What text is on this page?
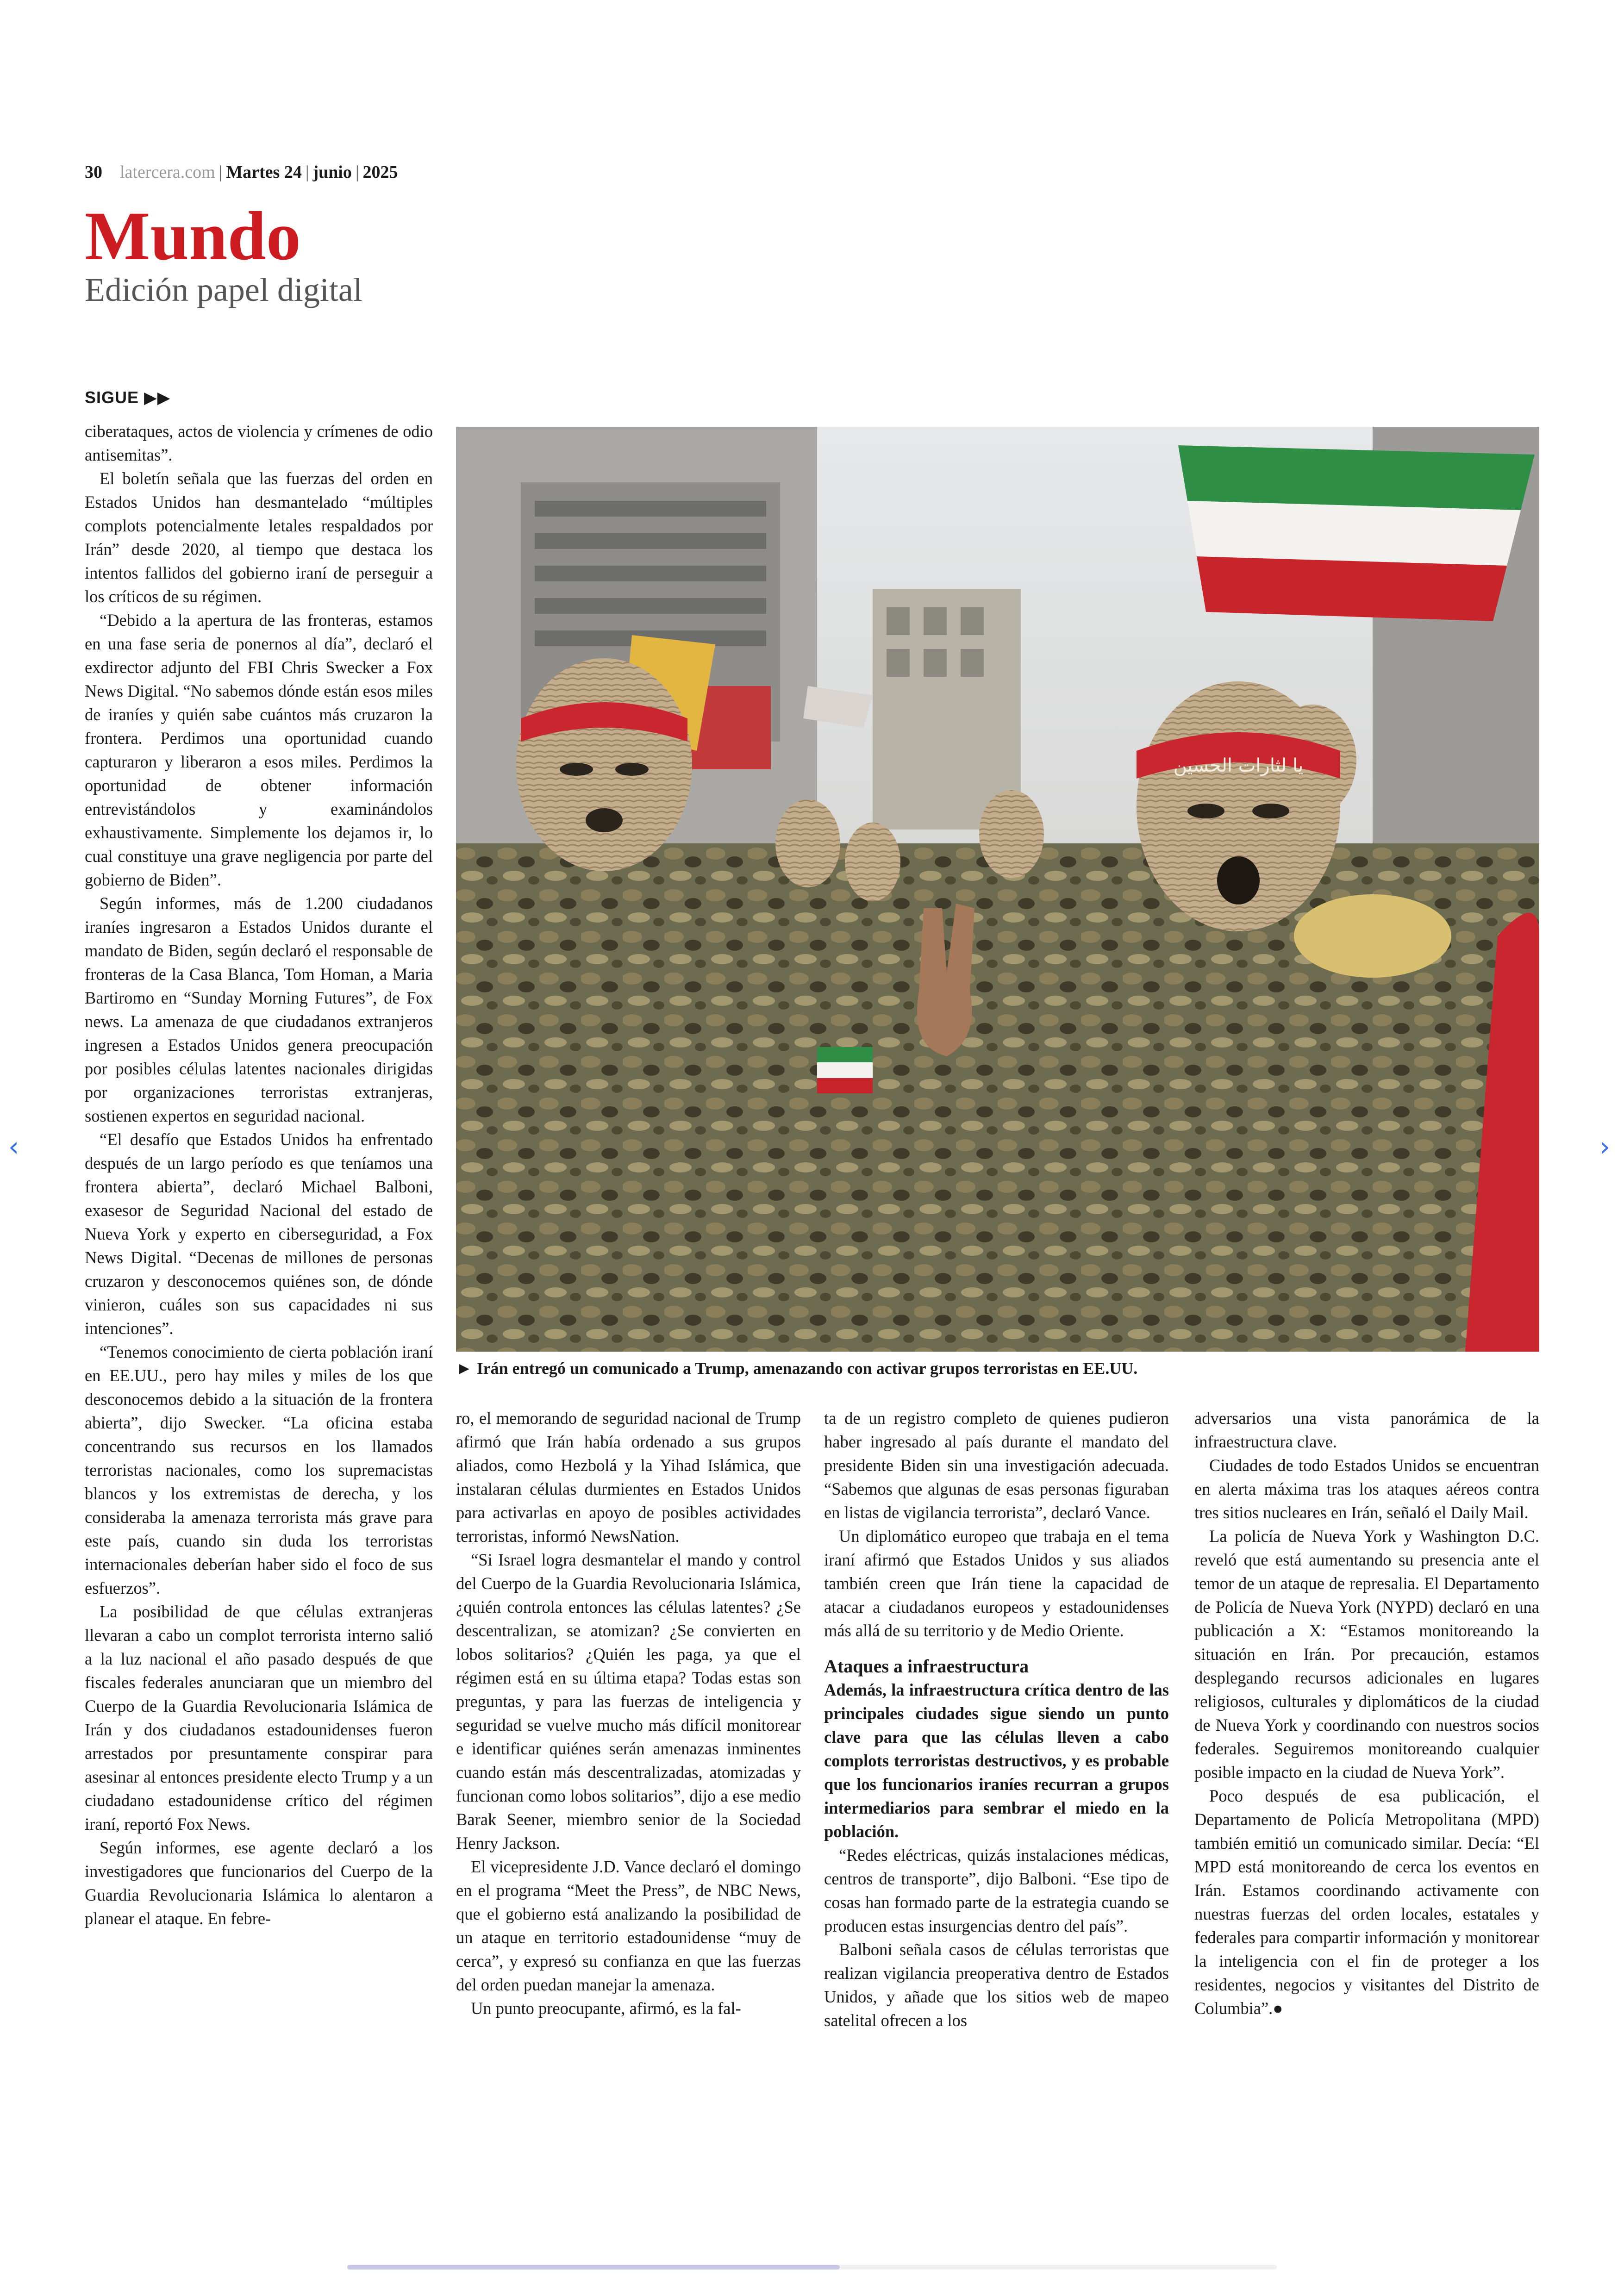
30 latercera.com | Martes 24 | junio | 2025
Mundo
Edición papel digital
SIGUE ▶▶

ciberataques, actos de violencia y crímenes de odio antisemitas”.

El boletín señala que las fuerzas del orden en Estados Unidos han desmantelado “múltiples complots potencialmente letales respaldados por Irán” desde 2020, al tiempo que destaca los intentos fallidos del gobierno iraní de perseguir a los críticos de su régimen.

“Debido a la apertura de las fronteras, estamos en una fase seria de ponernos al día”, declaró el exdirector adjunto del FBI Chris Swecker a Fox News Digital. “No sabemos dónde están esos miles de iraníes y quién sabe cuántos más cruzaron la frontera. Perdimos una oportunidad cuando capturaron y liberaron a esos miles. Perdimos la oportunidad de obtener información entrevistándolos y examinándolos exhaustivamente. Simplemente los dejamos ir, lo cual constituye una grave negligencia por parte del gobierno de Biden”.

Según informes, más de 1.200 ciudadanos iraníes ingresaron a Estados Unidos durante el mandato de Biden, según declaró el responsable de fronteras de la Casa Blanca, Tom Homan, a Maria Bartiromo en “Sunday Morning Futures”, de Fox news. La amenaza de que ciudadanos extranjeros ingresen a Estados Unidos genera preocupación por posibles células latentes nacionales dirigidas por organizaciones terroristas extranjeras, sostienen expertos en seguridad nacional.

“El desafío que Estados Unidos ha enfrentado después de un largo período es que teníamos una frontera abierta”, declaró Michael Balboni, exasesor de Seguridad Nacional del estado de Nueva York y experto en ciberseguridad, a Fox News Digital. “Decenas de millones de personas cruzaron y desconocemos quiénes son, de dónde vinieron, cuáles son sus capacidades ni sus intenciones”.

“Tenemos conocimiento de cierta población iraní en EE.UU., pero hay miles y miles de los que desconocemos debido a la situación de la frontera abierta”, dijo Swecker. “La oficina estaba concentrando sus recursos en los llamados terroristas nacionales, como los supremacistas blancos y los extremistas de derecha, y los consideraba la amenaza terrorista más grave para este país, cuando sin duda los terroristas internacionales deberían haber sido el foco de sus esfuerzos”.

La posibilidad de que células extranjeras llevaran a cabo un complot terrorista interno salió a la luz nacional el año pasado después de que fiscales federales anunciaran que un miembro del Cuerpo de la Guardia Revolucionaria Islámica de Irán y dos ciudadanos estadounidenses fueron arrestados por presuntamente conspirar para asesinar al entonces presidente electo Trump y a un ciudadano estadounidense crítico del régimen iraní, reportó Fox News.

Según informes, ese agente declaró a los investigadores que funcionarios del Cuerpo de la Guardia Revolucionaria Islámica lo alentaron a planear el ataque. En febre-

يا لثارات الحسين
► Irán entregó un comunicado a Trump, amenazando con activar grupos terroristas en EE.UU.

ro, el memorando de seguridad nacional de Trump afirmó que Irán había ordenado a sus grupos aliados, como Hezbolá y la Yihad Islámica, que instalaran células durmientes en Estados Unidos para activarlas en apoyo de posibles actividades terroristas, informó NewsNation.

“Si Israel logra desmantelar el mando y control del Cuerpo de la Guardia Revolucionaria Islámica, ¿quién controla entonces las células latentes? ¿Se descentralizan, se atomizan? ¿Se convierten en lobos solitarios? ¿Quién les paga, ya que el régimen está en su última etapa? Todas estas son preguntas, y para las fuerzas de inteligencia y seguridad se vuelve mucho más difícil monitorear e identificar quiénes serán amenazas inminentes cuando están más descentralizadas, atomizadas y funcionan como lobos solitarios”, dijo a ese medio Barak Seener, miembro senior de la Sociedad Henry Jackson.

El vicepresidente J.D. Vance declaró el domingo en el programa “Meet the Press”, de NBC News, que el gobierno está analizando la posibilidad de un ataque en territorio estadounidense “muy de cerca”, y expresó su confianza en que las fuerzas del orden puedan manejar la amenaza.

Un punto preocupante, afirmó, es la fal-

ta de un registro completo de quienes pudieron haber ingresado al país durante el mandato del presidente Biden sin una investigación adecuada. “Sabemos que algunas de esas personas figuraban en listas de vigilancia terrorista”, declaró Vance.

Un diplomático europeo que trabaja en el tema iraní afirmó que Estados Unidos y sus aliados también creen que Irán tiene la capacidad de atacar a ciudadanos europeos y estadounidenses más allá de su territorio y de Medio Oriente.

Ataques a infraestructura

Además, la infraestructura crítica dentro de las principales ciudades sigue siendo un punto clave para que las células lleven a cabo complots terroristas destructivos, y es probable que los funcionarios iraníes recurran a grupos intermediarios para sembrar el miedo en la población.

“Redes eléctricas, quizás instalaciones médicas, centros de transporte”, dijo Balboni. “Ese tipo de cosas han formado parte de la estrategia cuando se producen estas insurgencias dentro del país”.

Balboni señala casos de células terroristas que realizan vigilancia preoperativa dentro de Estados Unidos, y añade que los sitios web de mapeo satelital ofrecen a los

adversarios una vista panorámica de la infraestructura clave.

Ciudades de todo Estados Unidos se encuentran en alerta máxima tras los ataques aéreos contra tres sitios nucleares en Irán, señaló el Daily Mail.

La policía de Nueva York y Washington D.C. reveló que está aumentando su presencia ante el temor de un ataque de represalia. El Departamento de Policía de Nueva York (NYPD) declaró en una publicación a X: “Estamos monitoreando la situación en Irán. Por precaución, estamos desplegando recursos adicionales en lugares religiosos, culturales y diplomáticos de la ciudad de Nueva York y coordinando con nuestros socios federales. Seguiremos monitoreando cualquier posible impacto en la ciudad de Nueva York”.

Poco después de esa publicación, el Departamento de Policía Metropolitana (MPD) también emitió un comunicado similar. Decía: “El MPD está monitoreando de cerca los eventos en Irán. Estamos coordinando activamente con nuestras fuerzas del orden locales, estatales y federales para compartir información y monitorear la inteligencia con el fin de proteger a los residentes, negocios y visitantes del Distrito de Columbia”.●

‹	›
